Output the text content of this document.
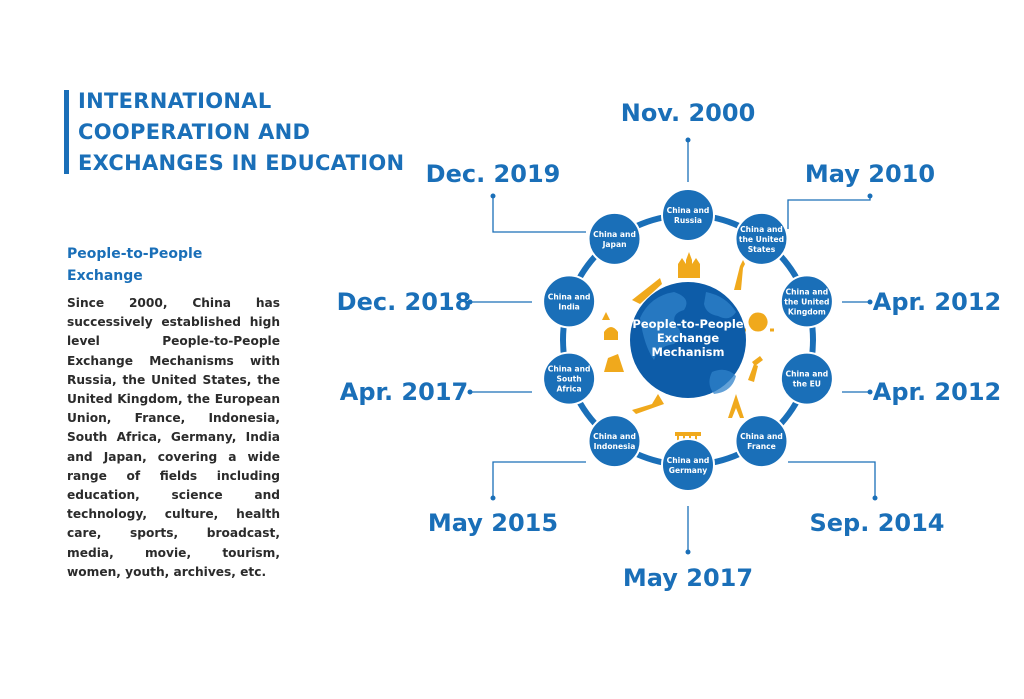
INTERNATIONAL
COOPERATION AND
EXCHANGES IN EDUCATION
People-to-People
Exchange

Since 2000, China has successively established high level People-to-People Exchange Mechanisms with Russia, the United States, the United Kingdom, the European Union, France, Indonesia, South Africa, Germany, India and Japan, covering a wide range of fields including education, science and technology, culture, health care, sports, broadcast, media, movie, tourism, women, youth, archives, etc.

People-to-People Exchange Mechanism
China and Russia
China and the United States
China and the United Kingdom
China and the EU
China and France
China and Germany
China and Indonesia
China and South Africa
China and India
China and Japan
Nov. 2000
May 2010
Apr. 2012
Apr. 2012
Sep. 2014
May 2017
May 2015
Apr. 2017
Dec. 2018
Dec. 2019
